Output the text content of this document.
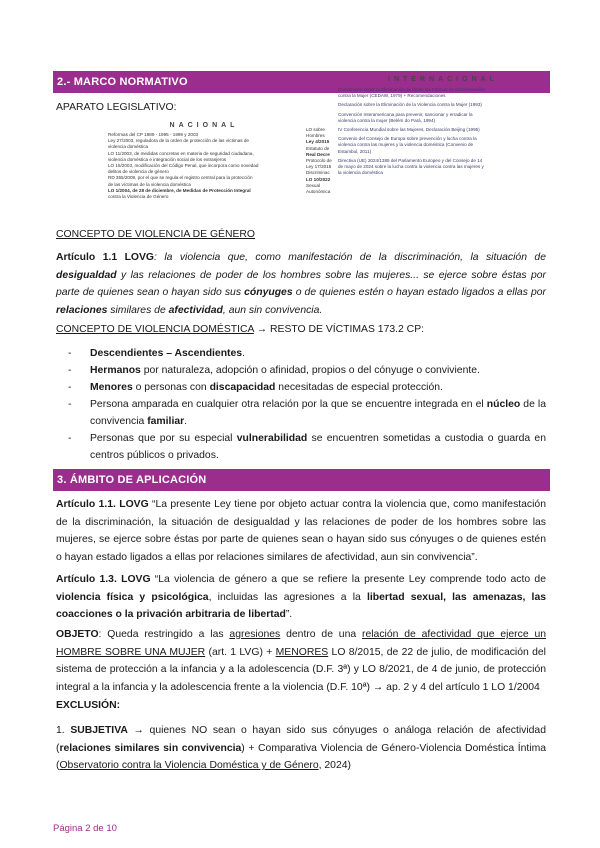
2.- MARCO NORMATIVO
APARATO LEGISLATIVO:
INTERNACIONAL
Convención sobre la Eliminación de todas las Formas de Discriminación
contra la Mujer (CEDAW, 1979) + Recomendaciones
Declaración sobre la Eliminación de la Violencia contra la Mujer (1993)
Convención Interamericana para prevenir, sancionar y erradicar la
violencia contra la mujer (Belém do Pará, 1994)
IV Conferencia Mundial sobre las Mujeres, Declaración Beijing (1995)
Convenio del Consejo de Europa sobre prevención y lucha contra la
violencia contra las mujeres y la violencia doméstica (Convenio de
Estambul, 2011)
Directiva (UE) 2024/1385 del Parlamento Europeo y del Consejo de 14
de mayo de 2024 sobre la lucha contra la violencia contra las mujeres y
la violencia doméstica
NACIONAL
Reformas del CP 1989 - 1995 - 1999 y 2003
Ley 27/2003, reguladora de la orden de protección de las víctimas de
violencia doméstica
LO 11/2003, de medidas concretas en materia de seguridad ciudadana,
violencia doméstica e integración social de los extranjeros
LO 15/2003, modificación del Código Penal, que incorpora como novedad
delitos de violencia de género
RD 355/2009, por el que se regula el registro central para la protección
de las víctimas de la violencia doméstica
LO 1/2004, de 28 de diciembre, de Medidas de Protección Integral
contra la Violencia de Género
LO sobre
Hombres
Ley 4/2015
Estatuto de
Real Decre
Protocolo de
Ley 17/2015
Discriminac
LO 10/2022
Sexual
Autonómica
CONCEPTO DE VIOLENCIA DE GÉNERO
Artículo 1.1 LOVG: la violencia que, como manifestación de la discriminación, la situación de desigualdad y las relaciones de poder de los hombres sobre las mujeres... se ejerce sobre éstas por parte de quienes sean o hayan sido sus cónyuges o de quienes estén o hayan estado ligados a ellas por relaciones similares de afectividad, aun sin convivencia.
CONCEPTO DE VIOLENCIA DOMÉSTICA → RESTO DE VÍCTIMAS 173.2 CP:
- Descendientes – Ascendientes.
- Hermanos por naturaleza, adopción o afinidad, propios o del cónyuge o conviviente.
- Menores o personas con discapacidad necesitadas de especial protección.
- Persona amparada en cualquier otra relación por la que se encuentre integrada en el núcleo de la convivencia familiar.
- Personas que por su especial vulnerabilidad se encuentren sometidas a custodia o guarda en centros públicos o privados.
3. ÁMBITO DE APLICACIÓN
Artículo 1.1. LOVG “La presente Ley tiene por objeto actuar contra la violencia que, como manifestación de la discriminación, la situación de desigualdad y las relaciones de poder de los hombres sobre las mujeres, se ejerce sobre éstas por parte de quienes sean o hayan sido sus cónyuges o de quienes estén o hayan estado ligados a ellas por relaciones similares de afectividad, aun sin convivencia”.
Artículo 1.3. LOVG “La violencia de género a que se refiere la presente Ley comprende todo acto de violencia física y psicológica, incluidas las agresiones a la libertad sexual, las amenazas, las coacciones o la privación arbitraria de libertad”.
OBJETO: Queda restringido a las agresiones dentro de una relación de afectividad que ejerce un HOMBRE SOBRE UNA MUJER (art. 1 LVG) + MENORES LO 8/2015, de 22 de julio, de modificación del sistema de protección a la infancia y a la adolescencia (D.F. 3ª) y LO 8/2021, de 4 de junio, de protección integral a la infancia y la adolescencia frente a la violencia (D.F. 10ª) → ap. 2 y 4 del artículo 1 LO 1/2004
EXCLUSIÓN:
1. SUBJETIVA → quienes NO sean o hayan sido sus cónyuges o análoga relación de afectividad (relaciones similares sin convivencia) + Comparativa Violencia de Género-Violencia Doméstica Íntima (Observatorio contra la Violencia Doméstica y de Género, 2024)
Página 2 de 10
